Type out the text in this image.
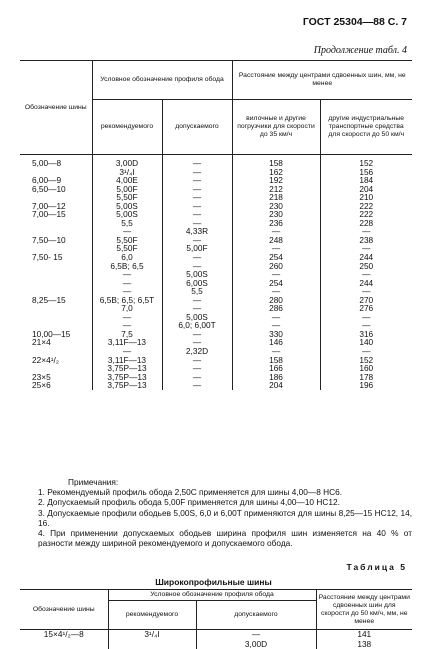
ГОСТ 25304—88 С. 7
Продолжение табл. 4
Обозначение шины	Условное обозначение профиля обода		Расстояние между центрами сдвоенных шин, мм, не менее	
	рекомендуемого	допускаемого	вилочные и другие погрузчики для скорости до 35 км/ч	другие индустриальные транспортные средства для скорости до 50 км/ч

5,00—8	3,00D	—	158	152
	3¹/₄I	—	162	156
6,00—9	4,00E	—	192	184
6,50—10	5,00F	—	212	204
	5,50F	—	218	210
7,00—12	5,00S	—	230	222
7,00—15	5,00S	—	230	222
	5,5	—	236	228
	—	4,33R	—	—
7,50—10	5,50F	—	248	238
	5,50F	5,00F	—	—
7,50- 15	6,0	—	254	244
	6,5B; 6,5	—	260	250
	—	5,00S	—	—
	—	6,00S	254	244
	—	5,5	—	—
8,25—15	6,5B; 6,5; 6,5T	—	280	270
	7,0	—	286	276
	—	5,00S	—	—
	—	6,0; 6,00T	—	—
10,00—15	7,5	—	330	316
21×4	3,11F—13	—	146	140
	—	2,32D	—	—
22×4¹/₂	3,11F—13	—	158	152
	3,75P—13	—	166	160
23×5	3,75P—13	—	186	178
25×6	3,75P—13	—	204	196
Примечания:
1. Рекомендуемый профиль обода 2,50С применяется для шины 4,00—8 НС6.
2. Допускаемый профиль обода 5,00F применяется для шины 4,00—10 НС12.
3. Допускаемые профили ободьев 5,00S, 6,0 и 6,00T применяются для шины 8,25—15 НС12, 14, 16.
4. При применении допускаемых ободьев ширина профиля шин изменяется на 40 % от разности между шириной рекомендуемого и допускаемого обода.
Таблица 5
Широкопрофильные шины
Обозначение шины	Условное обозначение профиля обода		Расстояние между центрами сдвоенных шин для скорости до 50 км/ч, мм, не менее
	рекомендуемого	допускаемого	
15×4¹/₂—8	3¹/₄I	—	141
		3,00D	138
